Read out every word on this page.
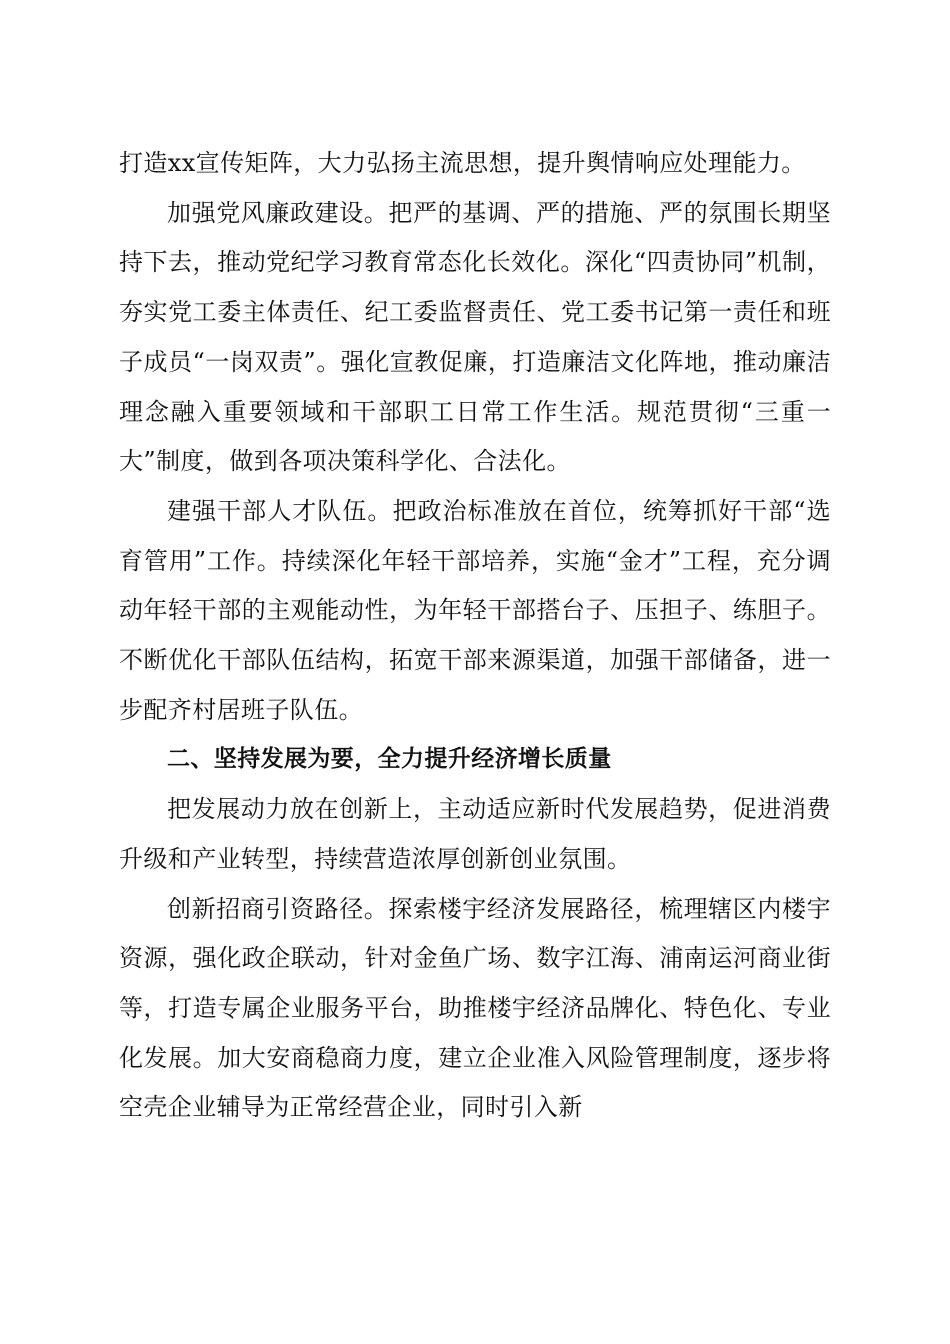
打造xx宣传矩阵，大力弘扬主流思想，提升舆情响应处理能力。

加强党风廉政建设。把严的基调、严的措施、严的氛围长期坚持下去，推动党纪学习教育常态化长效化。深化“四责协同”机制，夯实党工委主体责任、纪工委监督责任、党工委书记第一责任和班子成员“一岗双责”。强化宣教促廉，打造廉洁文化阵地，推动廉洁理念融入重要领域和干部职工日常工作生活。规范贯彻“三重一大”制度，做到各项决策科学化、合法化。

建强干部人才队伍。把政治标准放在首位，统筹抓好干部“选育管用”工作。持续深化年轻干部培养，实施“金才”工程，充分调动年轻干部的主观能动性，为年轻干部搭台子、压担子、练胆子。不断优化干部队伍结构，拓宽干部来源渠道，加强干部储备，进一步配齐村居班子队伍。

二、坚持发展为要，全力提升经济增长质量

把发展动力放在创新上，主动适应新时代发展趋势，促进消费升级和产业转型，持续营造浓厚创新创业氛围。

创新招商引资路径。探索楼宇经济发展路径，梳理辖区内楼宇资源，强化政企联动，针对金鱼广场、数字江海、浦南运河商业街等，打造专属企业服务平台，助推楼宇经济品牌化、特色化、专业化发展。加大安商稳商力度，建立企业准入风险管理制度，逐步将空壳企业辅导为正常经营企业，同时引入新
